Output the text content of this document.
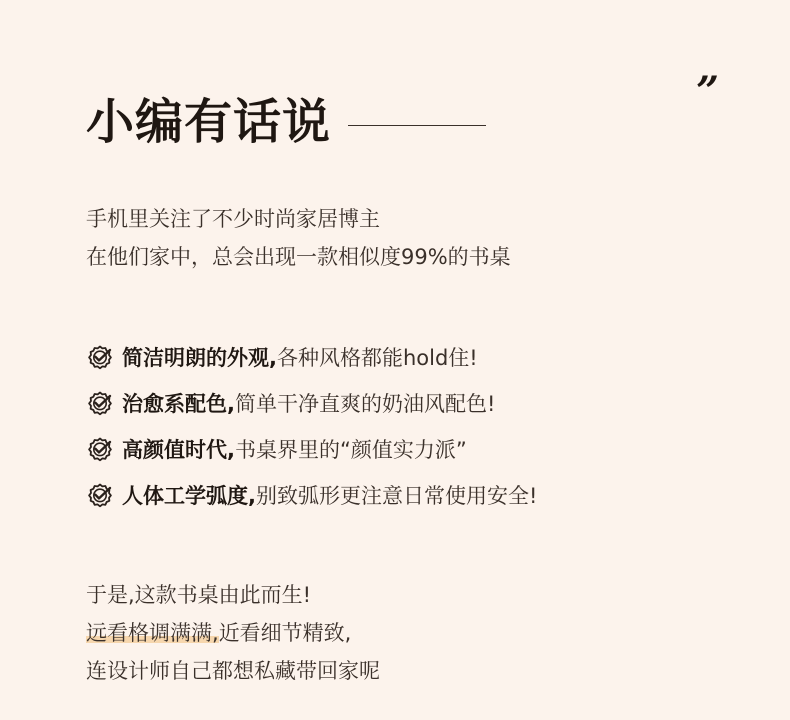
小编有话说
”
手机里关注了不少时尚家居博主
在他们家中，总会出现一款相似度99%的书桌
简洁明朗的外观, 各种风格都能hold住!
治愈系配色, 简单干净直爽的奶油风配色!
高颜值时代, 书桌界里的“颜值实力派”
人体工学弧度, 别致弧形更注意日常使用安全!
于是,这款书桌由此而生!
远看格调满满,近看细节精致,
连设计师自己都想私藏带回家呢
